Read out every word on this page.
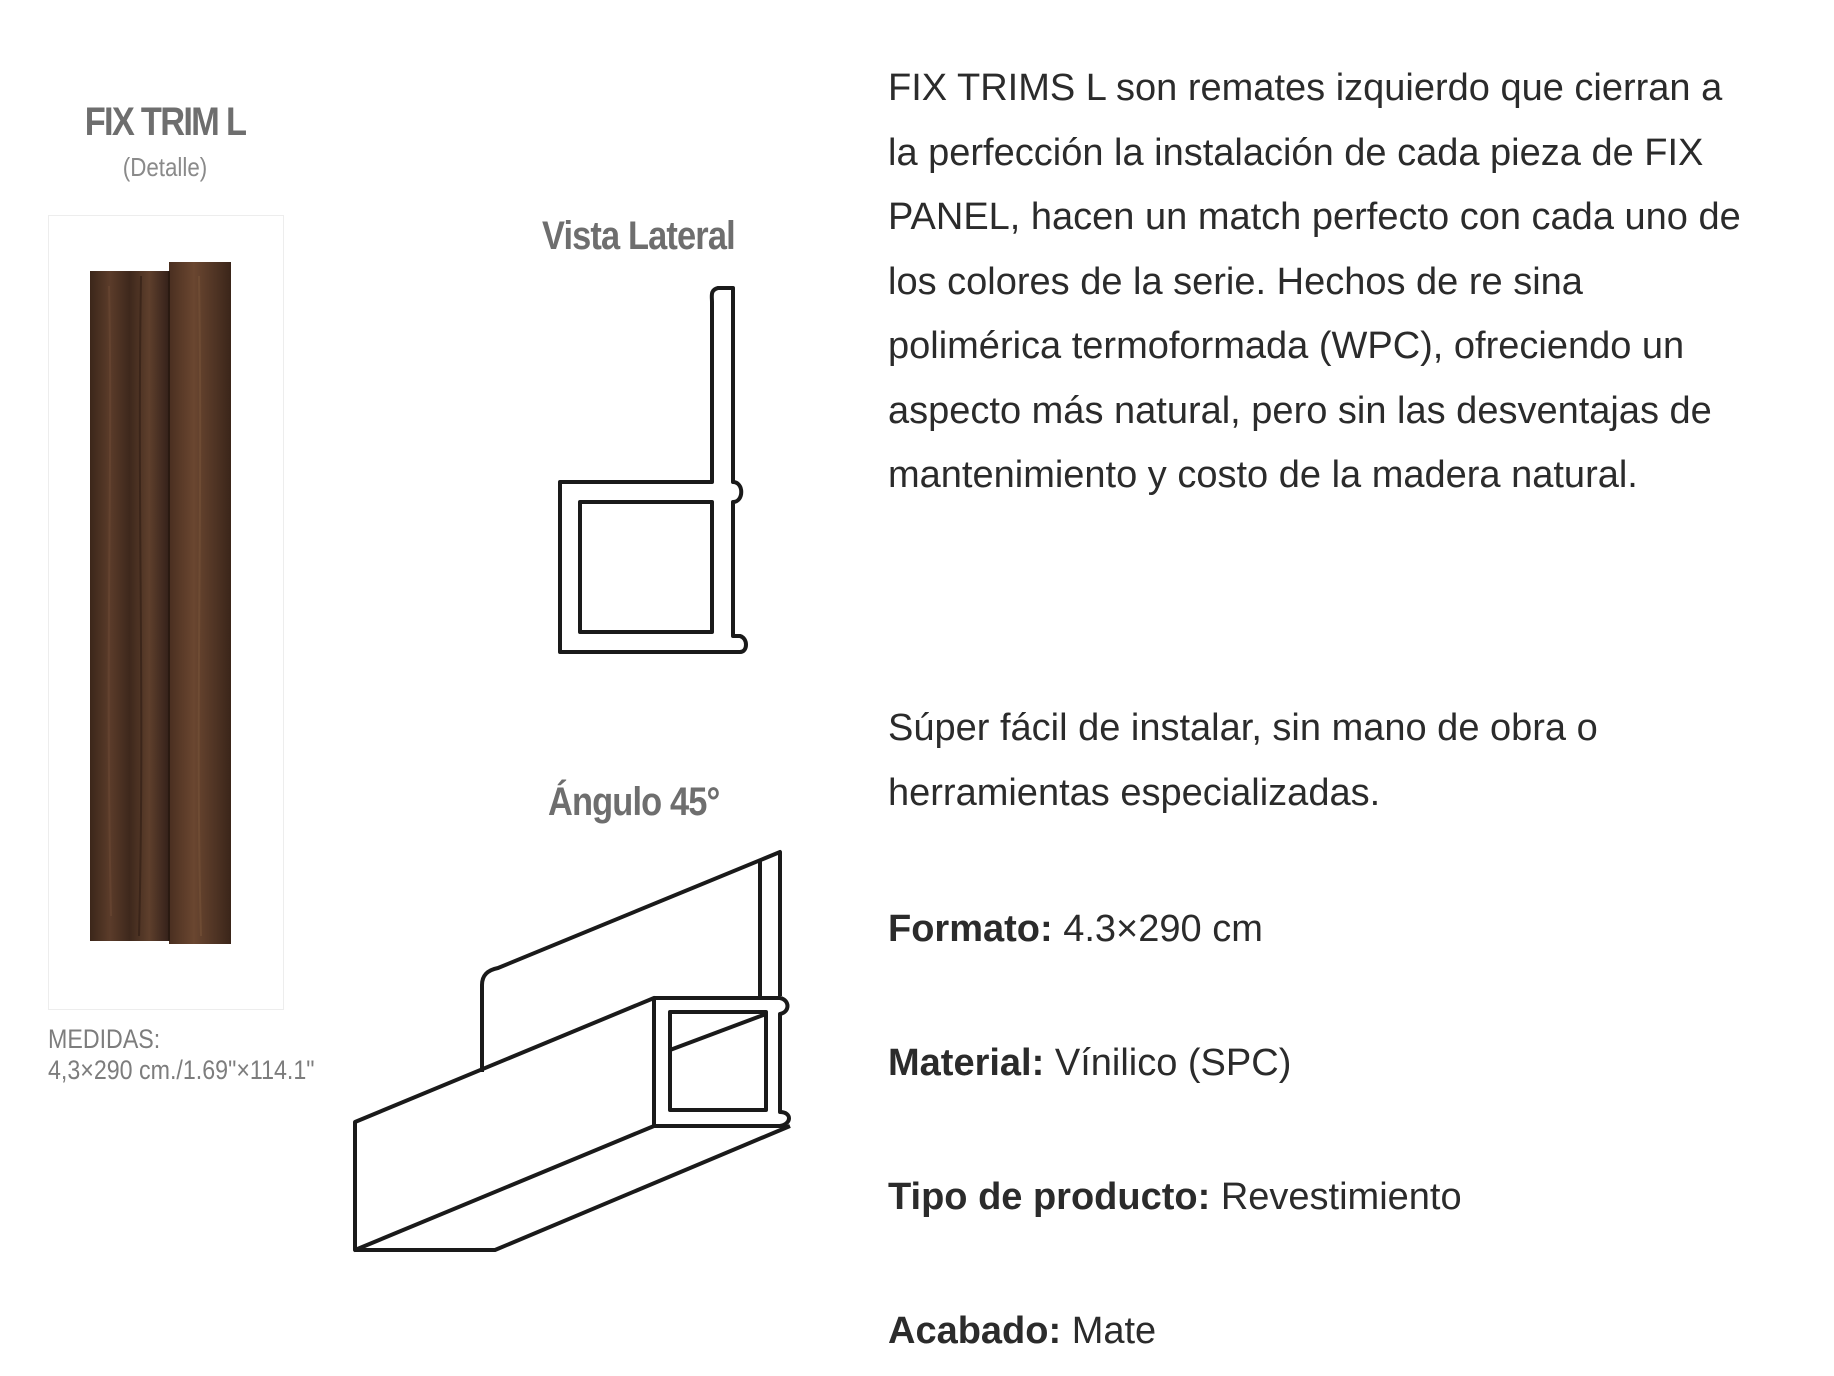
FIX TRIM L
(Detalle)
MEDIDAS:
4,3×290 cm./1.69"×114.1"
Vista Lateral
Ángulo 45°

FIX TRIMS L son remates izquierdo que cierran a la perfección la instalación de cada pieza de FIX PANEL, hacen un match perfecto con cada uno de los colores de la serie. Hechos de re sina polimérica termoformada (WPC), ofreciendo un aspecto más natural, pero sin las desventajas de mantenimiento y costo de la madera natural.

Súper fácil de instalar, sin mano de obra o herramientas especializadas.

Formato: 4.3×290 cm
Material: Vínilico (SPC)
Tipo de producto: Revestimiento
Acabado: Mate
